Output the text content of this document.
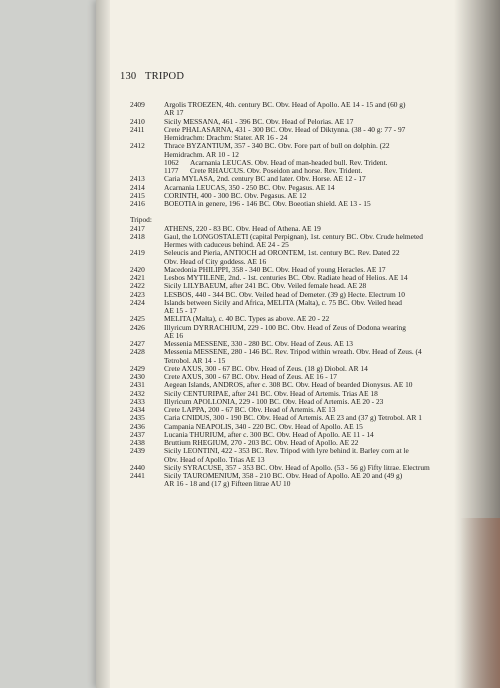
130 TRIPOD
2409	Argolis TROEZEN, 4th. century BC. Obv. Head of Apollo. AE 14 - 15 and (60 g)
AR 17
2410	Sicily MESSANA, 461 - 396 BC. Obv. Head of Pelorias. AE 17
2411	Crete PHALASARNA, 431 - 300 BC. Obv. Head of Diktynna. (38 - 40 g: 77 - 97
Hemidrachm: Drachm: Stater. AR 16 - 24
2412	Thrace BYZANTIUM, 357 - 340 BC. Obv. Fore part of bull on dolphin. (22
Hemidrachm. AR 10 - 12
1062	Acarnania LEUCAS. Obv. Head of man-headed bull. Rev. Trident.
1177	Crete RHAUCUS. Obv. Poseidon and horse. Rev. Trident.
2413	Caria MYLASA, 2nd. century BC and later. Obv. Horse. AE 12 - 17
2414	Acarnania LEUCAS, 350 - 250 BC. Obv. Pegasus. AE 14
2415	CORINTH, 400 - 300 BC. Obv. Pegasus. AE 12
2416	BOEOTIA in genere, 196 - 146 BC. Obv. Boeotian shield. AE 13 - 15
Tripod:
2417	ATHENS, 220 - 83 BC. Obv. Head of Athena. AE 19
2418	Gaul, the LONGOSTALETI (capital Perpignan), 1st. century BC. Obv. Crude helmeted
Hermes with caduceus behind. AE 24 - 25
2419	Seleucis and Pieria, ANTIOCH ad ORONTEM, 1st. century BC. Rev. Dated 22
Obv. Head of City goddess. AE 16
2420	Macedonia PHILIPPI, 358 - 340 BC. Obv. Head of young Heracles. AE 17
2421	Lesbos MYTILENE, 2nd. - 1st. centuries BC. Obv. Radiate head of Helios. AE 14
2422	Sicily LILYBAEUM, after 241 BC. Obv. Veiled female head. AE 28
2423	LESBOS, 440 - 344 BC. Obv. Veiled head of Demeter. (39 g) Hecte. Electrum 10
2424	Islands between Sicily and Africa, MELITA (Malta), c. 75 BC. Obv. Veiled head
AE 15 - 17
2425	MELITA (Malta), c. 40 BC. Types as above. AE 20 - 22
2426	Illyricum DYRRACHIUM, 229 - 100 BC. Obv. Head of Zeus of Dodona wearing
AE 16
2427	Messenia MESSENE, 330 - 280 BC. Obv. Head of Zeus. AE 13
2428	Messenia MESSENE, 280 - 146 BC. Rev. Tripod within wreath. Obv. Head of Zeus. (4
Tetrobol. AR 14 - 15
2429	Crete AXUS, 300 - 67 BC. Obv. Head of Zeus. (18 g) Diobol. AR 14
2430	Crete AXUS, 300 - 67 BC. Obv. Head of Zeus. AE 16 - 17
2431	Aegean Islands, ANDROS, after c. 308 BC. Obv. Head of bearded Dionysus. AE 10
2432	Sicily CENTURIPAE, after 241 BC. Obv. Head of Artemis. Trias AE 18
2433	Illyricum APOLLONIA, 229 - 100 BC. Obv. Head of Artemis. AE 20 - 23
2434	Crete LAPPA, 200 - 67 BC. Obv. Head of Artemis. AE 13
2435	Caria CNIDUS, 300 - 190 BC. Obv. Head of Artemis. AE 23 and (37 g) Tetrobol. AR 1
2436	Campania NEAPOLIS, 340 - 220 BC. Obv. Head of Apollo. AE 15
2437	Lucania THURIUM, after c. 300 BC. Obv. Head of Apollo. AE 11 - 14
2438	Bruttium RHEGIUM, 270 - 203 BC. Obv. Head of Apollo. AE 22
2439	Sicily LEONTINI, 422 - 353 BC. Rev. Tripod with lyre behind it. Barley corn at le
Obv. Head of Apollo. Trias AE 13
2440	Sicily SYRACUSE, 357 - 353 BC. Obv. Head of Apollo. (53 - 56 g) Fifty litrae. Electrum
2441	Sicily TAUROMENIUM, 358 - 210 BC. Obv. Head of Apollo. AE 20 and (49 g)
AR 16 - 18 and (17 g) Fifteen litrae AU 10
